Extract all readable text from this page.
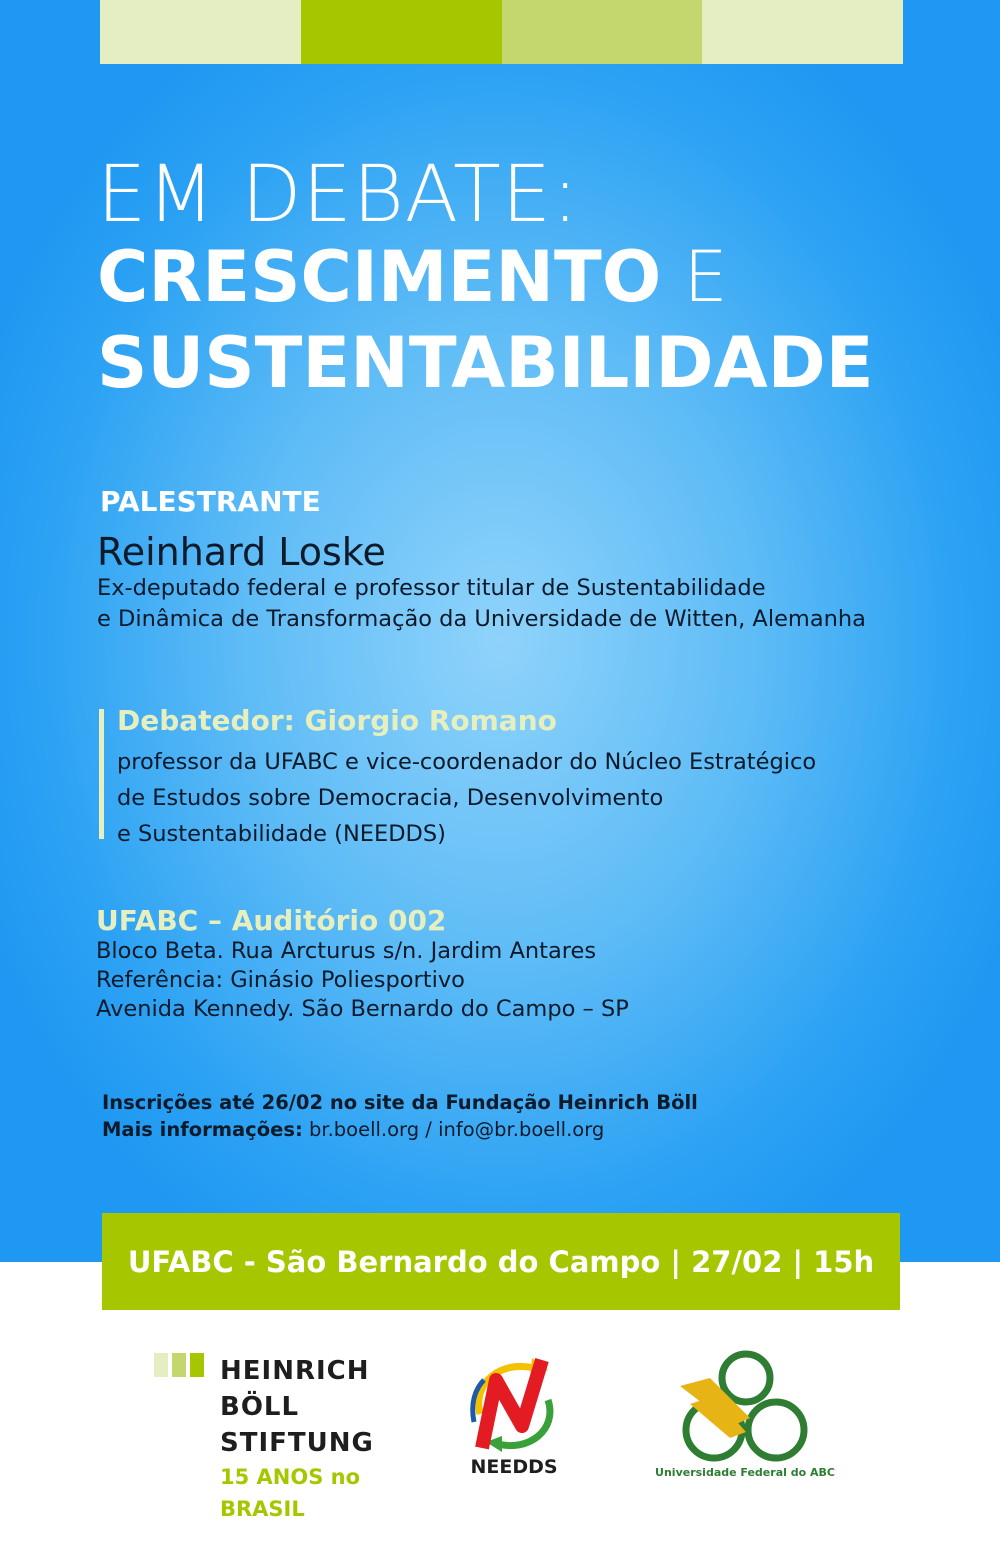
EM DEBATE:
CRESCIMENTO E
SUSTENTABILIDADE
PALESTRANTE
Reinhard Loske
Ex-deputado federal e professor titular de Sustentabilidade
e Dinâmica de Transformação da Universidade de Witten, Alemanha
Debatedor: Giorgio Romano
professor da UFABC e vice-coordenador do Núcleo Estratégico
de Estudos sobre Democracia, Desenvolvimento
e Sustentabilidade (NEEDDS)
UFABC – Auditório 002
Bloco Beta. Rua Arcturus s/n. Jardim Antares
Referência: Ginásio Poliesportivo
Avenida Kennedy. São Bernardo do Campo – SP
Inscrições até 26/02 no site da Fundação Heinrich Böll
Mais informações: br.boell.org / info@br.boell.org
UFABC - São Bernardo do Campo | 27/02 | 15h
HEINRICH
BÖLL
STIFTUNG
15 ANOS no
BRASIL
NEEDDS	Universidade Federal do ABC
